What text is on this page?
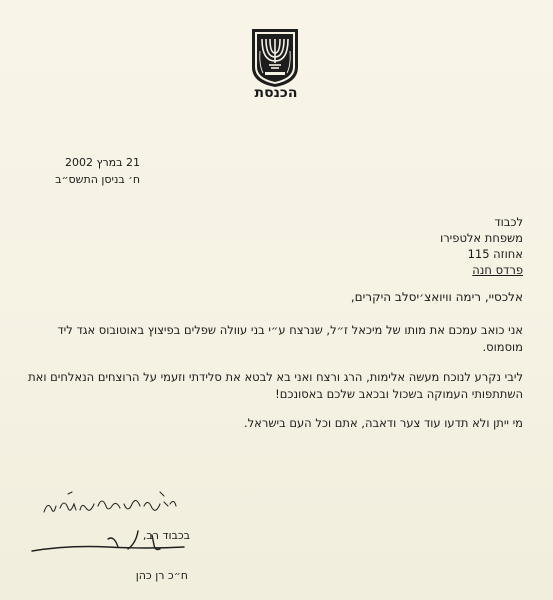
הכנסת
21 במרץ 2002
ח׳ בניסן התשס״ב
לכבוד
משפחת אלטפירו
אחוזה 115
פרדס חנה
אלכסיי, רימה וויואצ׳יסלב היקרים,
אני כואב עמכם את מותו של מיכאל ז״ל, שנרצח ע״י בני עוולה שפלים בפיצוץ באוטובוס אגד ליד מוסמוס.
ליבי נקרע לנוכח מעשה אלימות, הרג ורצח ואני בא לבטא את סלידתי וזעמי על הרוצחים הנאלחים ואת השתתפותי העמוקה בשכול ובכאב שלכם באסונכם!
מי ייתן ולא תדעו עוד צער ודאבה, אתם וכל העם בישראל.
בכבוד רב,
ח״כ רן כהן
